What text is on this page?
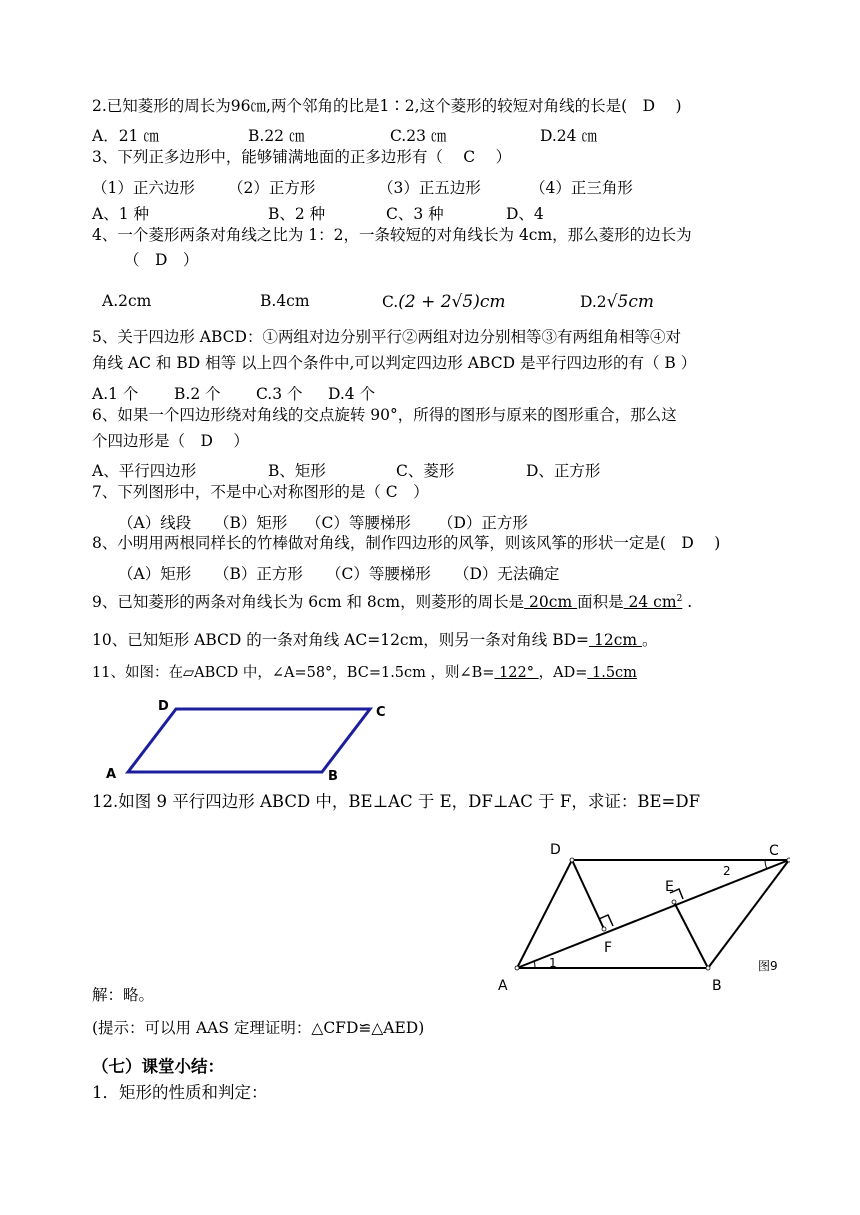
2.已知菱形的周长为96㎝,两个邻角的比是1∶2,这个菱形的较短对角线的长是(　D　 )
A．21 ㎝	B.22 ㎝	C.23 ㎝	D.24 ㎝
3、下列正多边形中，能够铺满地面的正多边形有（　 C　 ）
（1）正六边形 （2）正方形	（3）正五边形	（4）正三角形
A、1 种	B、2 种	C、3 种	D、4
4、一个菱形两条对角线之比为 1：2，一条较短的对角线长为 4cm，那么菱形的边长为
（　D　）
A.2cm	B.4cm	C.(2 + 2√5)cm	D.2√5cm
5、关于四边形 ABCD：①两组对边分别平行②两组对边分别相等③有两组角相等④对
角线 AC 和 BD 相等 以上四个条件中,可以判定四边形 ABCD 是平行四边形的有（ B ）
A.1 个 B.2 个 C.3 个 D.4 个
6、如果一个四边形绕对角线的交点旋转 90°，所得的图形与原来的图形重合，那么这
个四边形是（　D　 ）
A、平行四边形	B、矩形	C、菱形	D、正方形
7、下列图形中，不是中心对称图形的是（ C　）
（A）线段 （B）矩形 （C）等腰梯形 （D）正方形
8、小明用两根同样长的竹棒做对角线，制作四边形的风筝，则该风筝的形状一定是(　D　 )
（A）矩形 （B）正方形 （C）等腰梯形 （D）无法确定
9、已知菱形的两条对角线长为 6cm 和 8cm，则菱形的周长是 20cm 面积是 24 $cm^2$ .
10、已知矩形 ABCD 的一条对角线 AC=12cm，则另一条对角线 BD= 12cm 。
11、如图：在▱ABCD 中，∠A=58°，BC=1.5cm ，则∠B= 122° ，AD= 1.5cm
D	C
A	B
12.如图 9 平行四边形 ABCD 中，BE⊥AC 于 E，DF⊥AC 于 F，求证：BE=DF
D	C
E
2
F
1
A	B
图9
解：略。
(提示：可以用 AAS 定理证明：△CFD≌△AED)
（七）课堂小结：
1．矩形的性质和判定：
